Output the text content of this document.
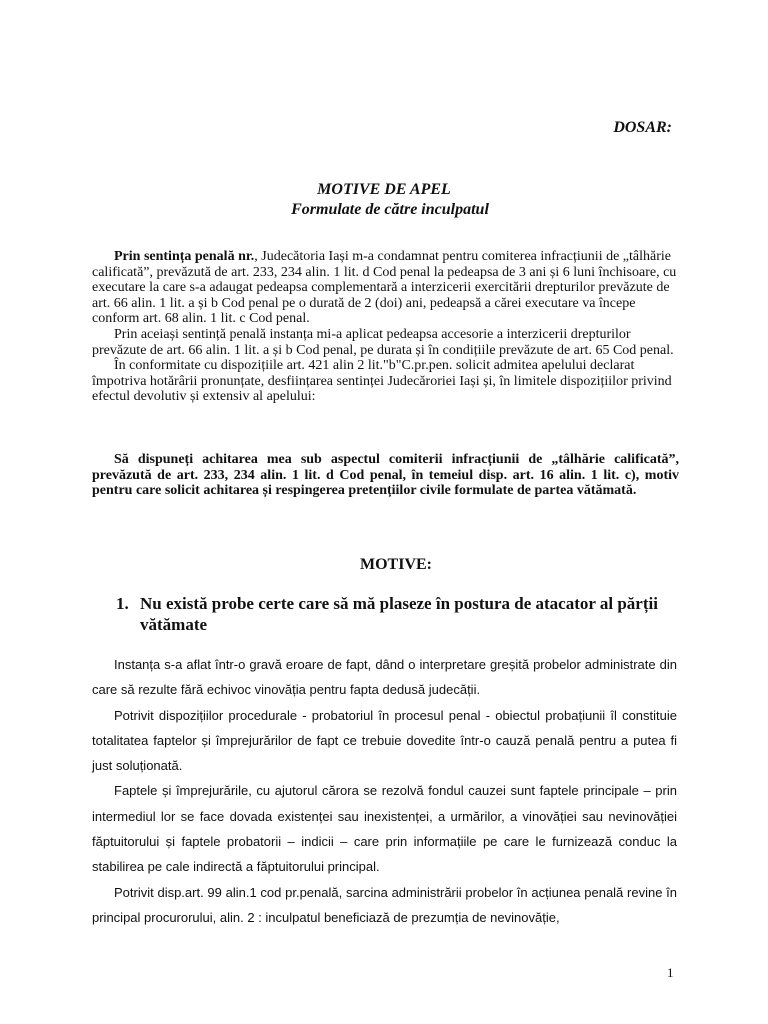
DOSAR:
MOTIVE DE APEL
Formulate de către inculpatul

Prin sentința penală nr., Judecătoria Iași m-a condamnat pentru comiterea infracțiunii de „tâlhărie calificată”, prevăzută de art. 233, 234 alin. 1 lit. d Cod penal la pedeapsa de 3 ani și 6 luni închisoare, cu executare la care s-a adaugat pedeapsa complementară a interzicerii exercitării drepturilor prevăzute de art. 66 alin. 1 lit. a și b Cod penal pe o durată de 2 (doi) ani, pedeapsă a cărei executare va începe conform art. 68 alin. 1 lit. c Cod penal.

Prin aceiași sentință penală instanța mi-a aplicat pedeapsa accesorie a interzicerii drepturilor prevăzute de art. 66 alin. 1 lit. a și b Cod penal, pe durata și în condițiile prevăzute de art. 65 Cod penal.

În conformitate cu dispozițiile art. 421 alin 2 lit."b"C.pr.pen. solicit admitea apelului declarat împotriva hotărârii pronunțate, desființarea sentinței Judecăroriei Iași și, în limitele dispozițiilor privind efectul devolutiv și extensiv al apelului:

Să dispuneți achitarea mea sub aspectul comiterii infracțiunii de „tâlhărie calificată”, prevăzută de art. 233, 234 alin. 1 lit. d Cod penal, în temeiul disp. art. 16 alin. 1 lit. c), motiv pentru care solicit achitarea și respingerea pretențiilor civile formulate de partea vătămată.

MOTIVE:
1. Nu există probe certe care să mă plaseze în postura de atacator al părții vătămate

Instanța s-a aflat într-o gravă eroare de fapt, dând o interpretare greșită probelor administrate din care să rezulte fără echivoc vinovăția pentru fapta dedusă judecății.

Potrivit dispozițiilor procedurale - probatoriul în procesul penal - obiectul probațiunii îl constituie totalitatea faptelor și împrejurărilor de fapt ce trebuie dovedite într-o cauză penală pentru a putea fi just soluționată.

Faptele și împrejurările, cu ajutorul cărora se rezolvă fondul cauzei sunt faptele principale – prin intermediul lor se face dovada existenței sau inexistenței, a urmărilor, a vinovăției sau nevinovăției făptuitorului și faptele probatorii – indicii – care prin informațiile pe care le furnizează conduc la stabilirea pe cale indirectă a făptuitorului principal.

Potrivit disp.art. 99 alin.1 cod pr.penală, sarcina administrării probelor în acțiunea penală revine în principal procurorului, alin. 2 : inculpatul beneficiază de prezumția de nevinovăție,

1
